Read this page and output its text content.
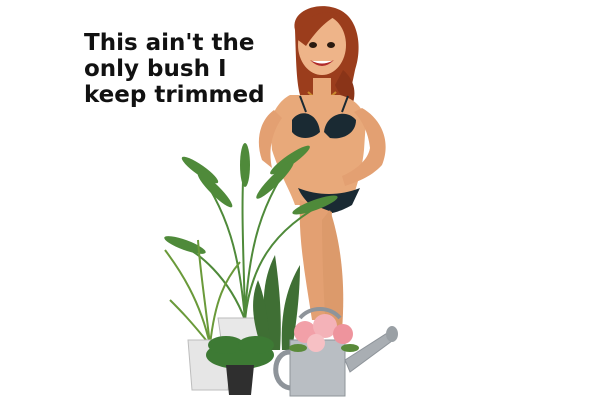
This ain't the
only bush I
keep trimmed
